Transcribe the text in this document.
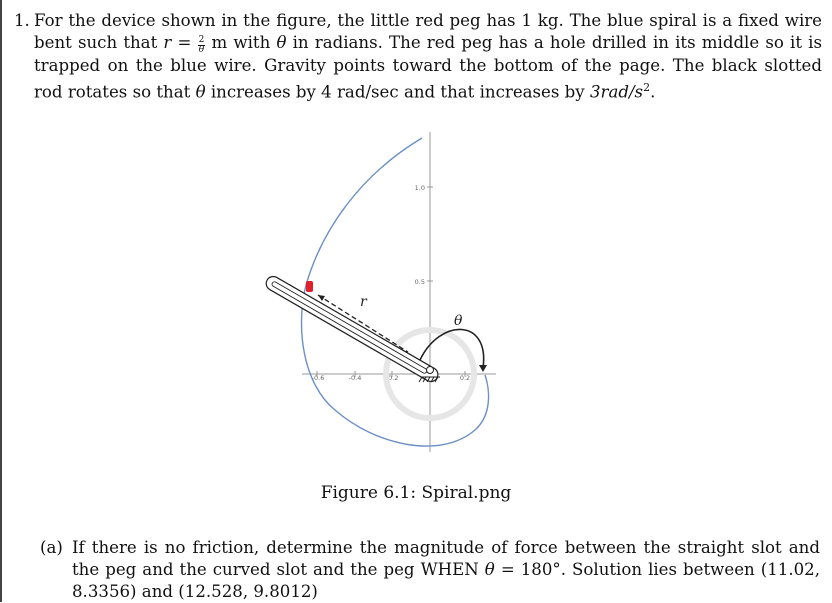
1. For the device shown in the figure, the little red peg has 1 kg. The blue spiral is a fixed wire bent such that $r = \frac{2}{\theta}$ m with θ in radians. The red peg has a hole drilled in its middle so it is trapped on the blue wire. Gravity points toward the bottom of the page. The black slotted rod rotates so that θ increases by 4 rad/sec and that increases by $3rad/s^2$.
-0.6	-0.4	-0.2	0.2
1.0
0.5
r
θ
Figure 6.1: Spiral.png
(a) If there is no friction, determine the magnitude of force between the straight slot and the peg and the curved slot and the peg WHEN θ = 180°. Solution lies between (11.02, 8.3356) and (12.528, 9.8012)
